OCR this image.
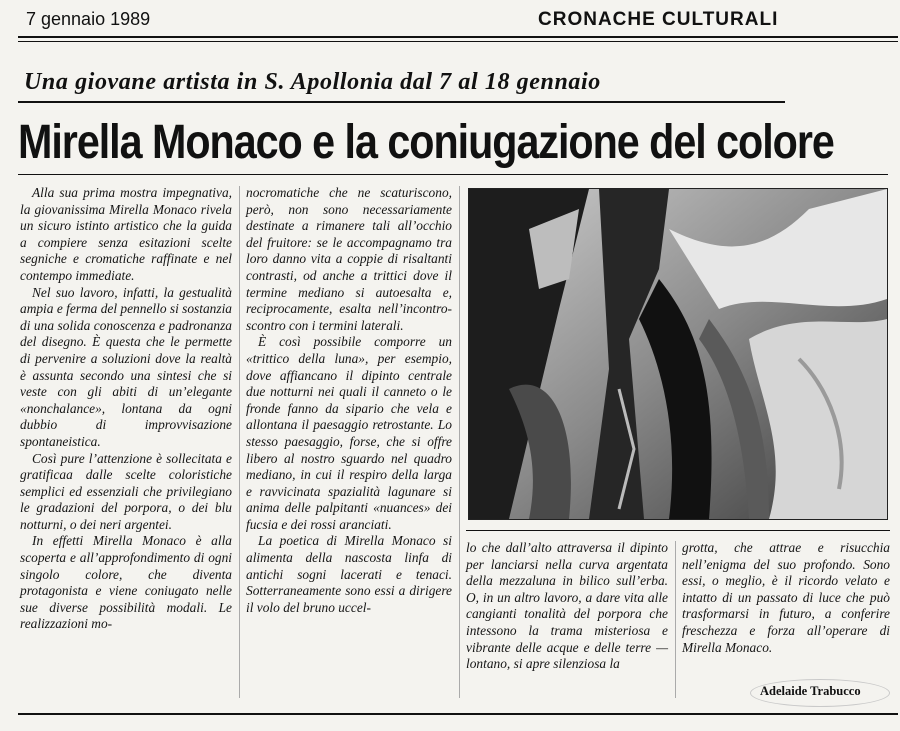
7 gennaio 1989	CRONACHE CULTURALI
Una giovane artista in S. Apollonia dal 7 al 18 gennaio
Mirella Monaco e la coniugazione del colore

Alla sua prima mostra impegnativa, la giovanissima Mirella Monaco rivela un sicuro istinto artistico che la guida a compiere senza esitazioni scelte segniche e cromatiche raffinate e nel contempo immediate.

Nel suo lavoro, infatti, la gestualità ampia e ferma del pennello si sostanzia di una solida conoscenza e padronanza del disegno. È questa che le permette di pervenire a soluzioni dove la realtà è assunta secondo una sintesi che si veste con gli abiti di un’elegante «nonchalance», lontana da ogni dubbio di improvvisazione spontaneistica.

Così pure l’attenzione è sollecitata e gratificaa dalle scelte coloristiche semplici ed essenziali che privilegiano le gradazioni del porpora, o dei blu notturni, o dei neri argentei.

In effetti Mirella Monaco è alla scoperta e all’approfondimento di ogni singolo colore, che diventa protagonista e viene coniugato nelle sue diverse possibilità modali. Le realizzazioni mo-

nocromatiche che ne scaturiscono, però, non sono necessariamente destinate a rimanere tali all’occhio del fruitore: se le accompagnamo tra loro danno vita a coppie di risaltanti contrasti, od anche a trittici dove il termine mediano si autoesalta e, reciprocamente, esalta nell’incontro-scontro con i termini laterali.

È così possibile comporre un «trittico della luna», per esempio, dove affiancano il dipinto centrale due notturni nei quali il canneto o le fronde fanno da sipario che vela e allontana il paesaggio retrostante. Lo stesso paesaggio, forse, che si offre libero al nostro sguardo nel quadro mediano, in cui il respiro della larga e ravvicinata spazialità lagunare si anima delle palpitanti «nuances» dei fucsia e dei rossi aranciati.

La poetica di Mirella Monaco si alimenta della nascosta linfa di antichi sogni lacerati e tenaci. Sotterraneamente sono essi a dirigere il volo del bruno uccel-

lo che dall’alto attraversa il dipinto per lanciarsi nella curva argentata della mezzaluna in bilico sull’erba. O, in un altro lavoro, a dare vita alle cangianti tonalità del porpora che intessono la trama misteriosa e vibrante delle acque e delle terre — lontano, si apre silenziosa la

grotta, che attrae e risucchia nell’enigma del suo profondo. Sono essi, o meglio, è il ricordo velato e intatto di un passato di luce che può trasformarsi in futuro, a conferire freschezza e forza all’operare di Mirella Monaco.

Adelaide Trabucco
